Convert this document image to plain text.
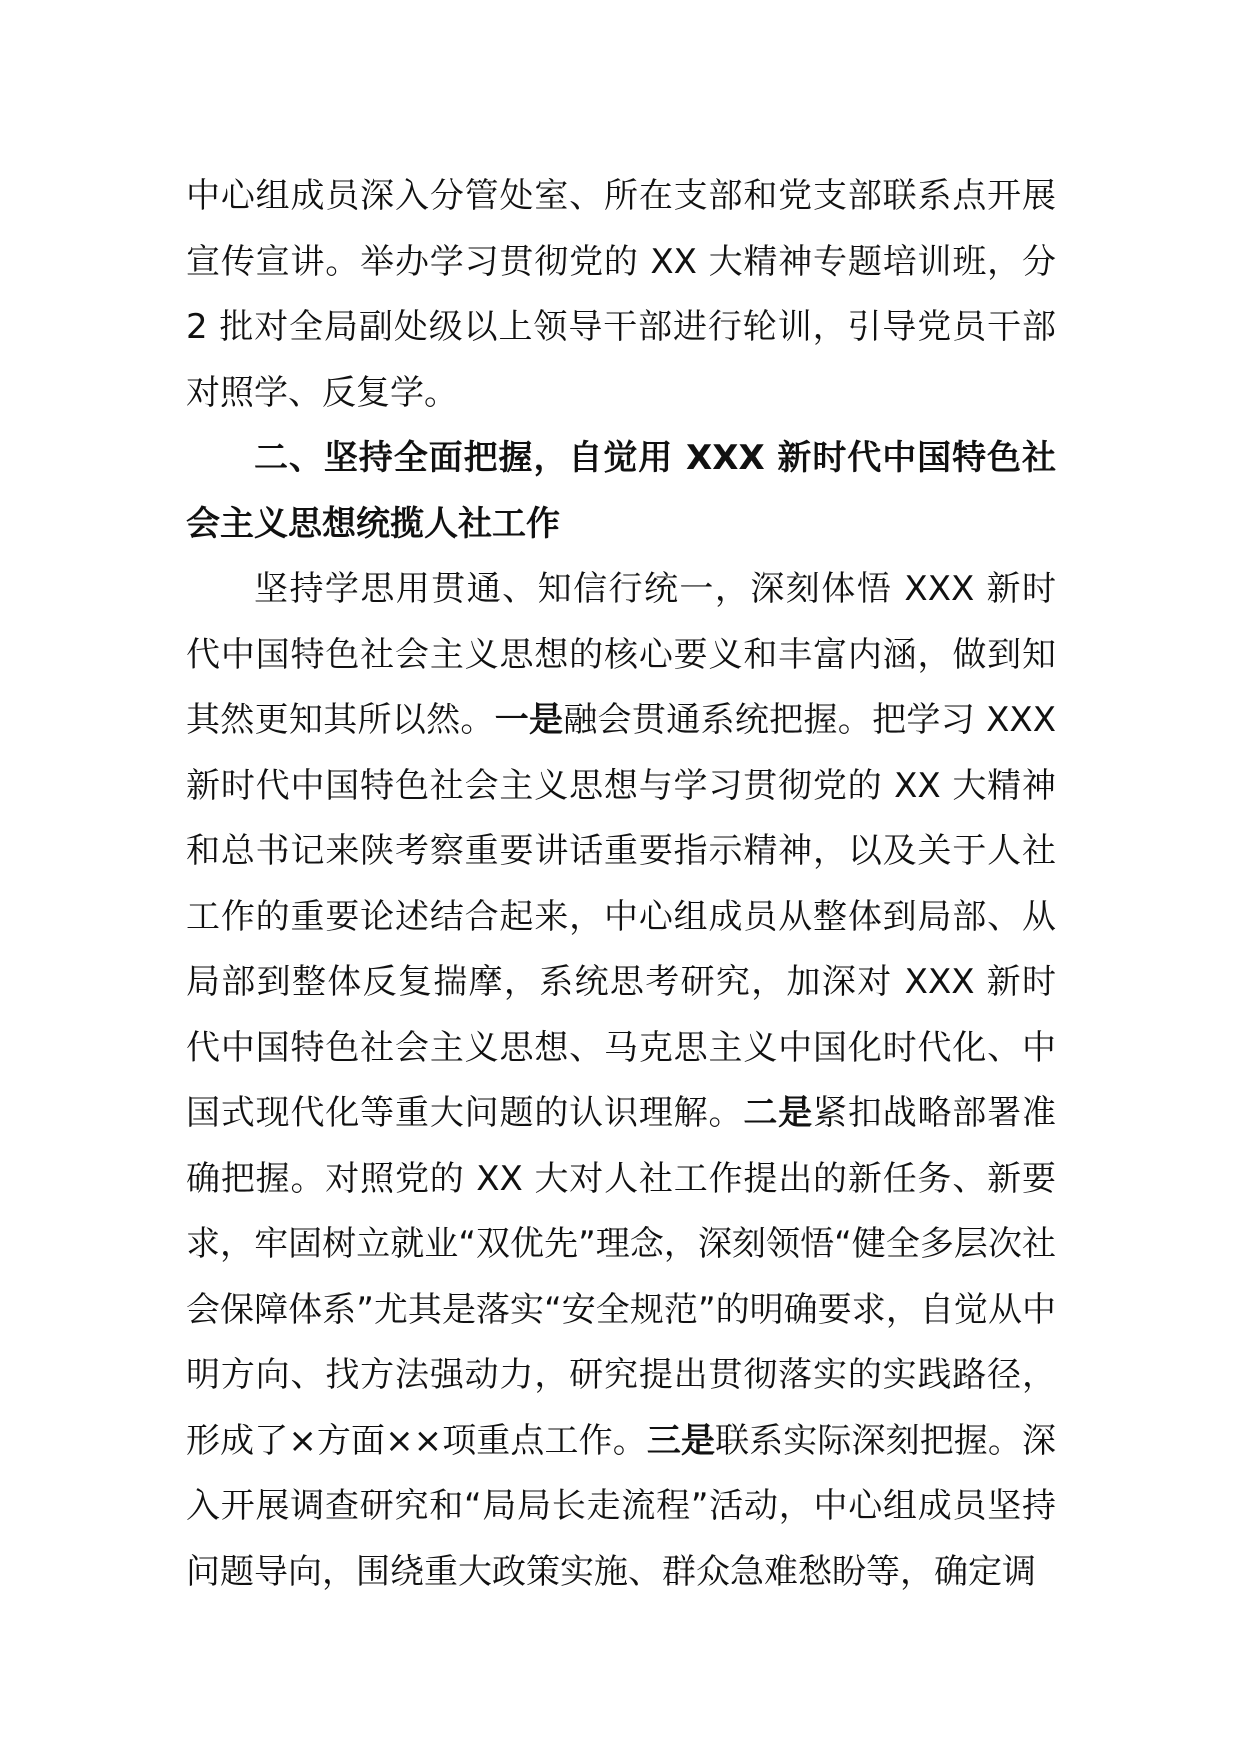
中心组成员深入分管处室、所在支部和党支部联系点开展宣传宣讲。举办学习贯彻党的 XX 大精神专题培训班，分 2 批对全局副处级以上领导干部进行轮训，引导党员干部对照学、反复学。

二、坚持全面把握，自觉用 XXX 新时代中国特色社会主义思想统揽人社工作

坚持学思用贯通、知信行统一，深刻体悟 XXX 新时代中国特色社会主义思想的核心要义和丰富内涵，做到知其然更知其所以然。一是融会贯通系统把握。把学习 XXX 新时代中国特色社会主义思想与学习贯彻党的 XX 大精神和总书记来陕考察重要讲话重要指示精神，以及关于人社工作的重要论述结合起来，中心组成员从整体到局部、从局部到整体反复揣摩，系统思考研究，加深对 XXX 新时代中国特色社会主义思想、马克思主义中国化时代化、中国式现代化等重大问题的认识理解。二是紧扣战略部署准确把握。对照党的 XX 大对人社工作提出的新任务、新要求，牢固树立就业“双优先”理念，深刻领悟“健全多层次社会保障体系”尤其是落实“安全规范”的明确要求，自觉从中明方向、找方法强动力，研究提出贯彻落实的实践路径，形成了×方面××项重点工作。三是联系实际深刻把握。深入开展调查研究和“局局长走流程”活动，中心组成员坚持问题导向，围绕重大政策实施、群众急难愁盼等，确定调
